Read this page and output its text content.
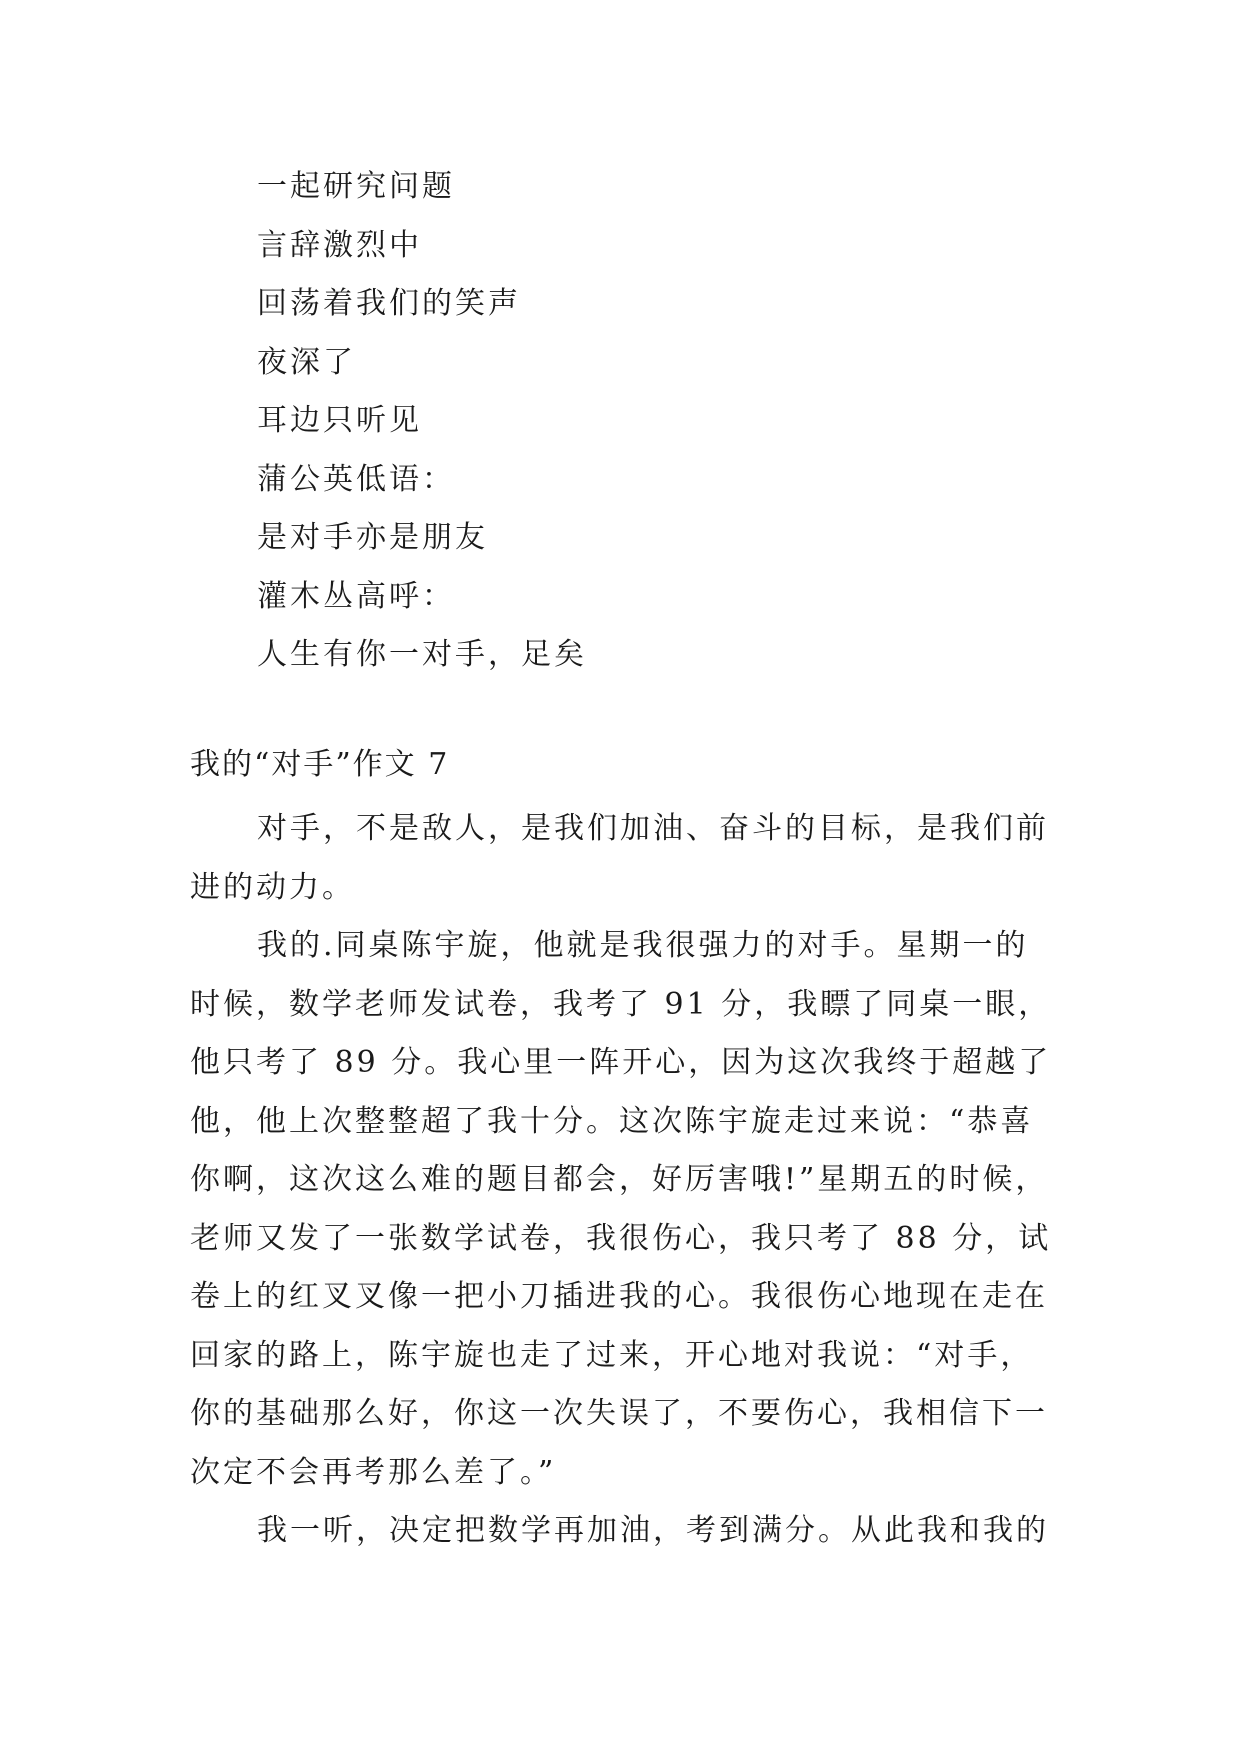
一起研究问题
言辞激烈中
回荡着我们的笑声
夜深了
耳边只听见
蒲公英低语：
是对手亦是朋友
灌木丛高呼：
人生有你一对手，足矣
我的“对手”作文 7
对手，不是敌人，是我们加油、奋斗的目标，是我们前
进的动力。
我的.同桌陈宇旋，他就是我很强力的对手。星期一的
时候，数学老师发试卷，我考了 91 分，我瞟了同桌一眼，
他只考了 89 分。我心里一阵开心，因为这次我终于超越了
他，他上次整整超了我十分。这次陈宇旋走过来说：“恭喜
你啊，这次这么难的题目都会，好厉害哦!”星期五的时候，
老师又发了一张数学试卷，我很伤心，我只考了 88 分，试
卷上的红叉叉像一把小刀插进我的心。我很伤心地现在走在
回家的路上，陈宇旋也走了过来，开心地对我说：“对手，
你的基础那么好，你这一次失误了，不要伤心，我相信下一
次定不会再考那么差了。”
我一听，决定把数学再加油，考到满分。从此我和我的
